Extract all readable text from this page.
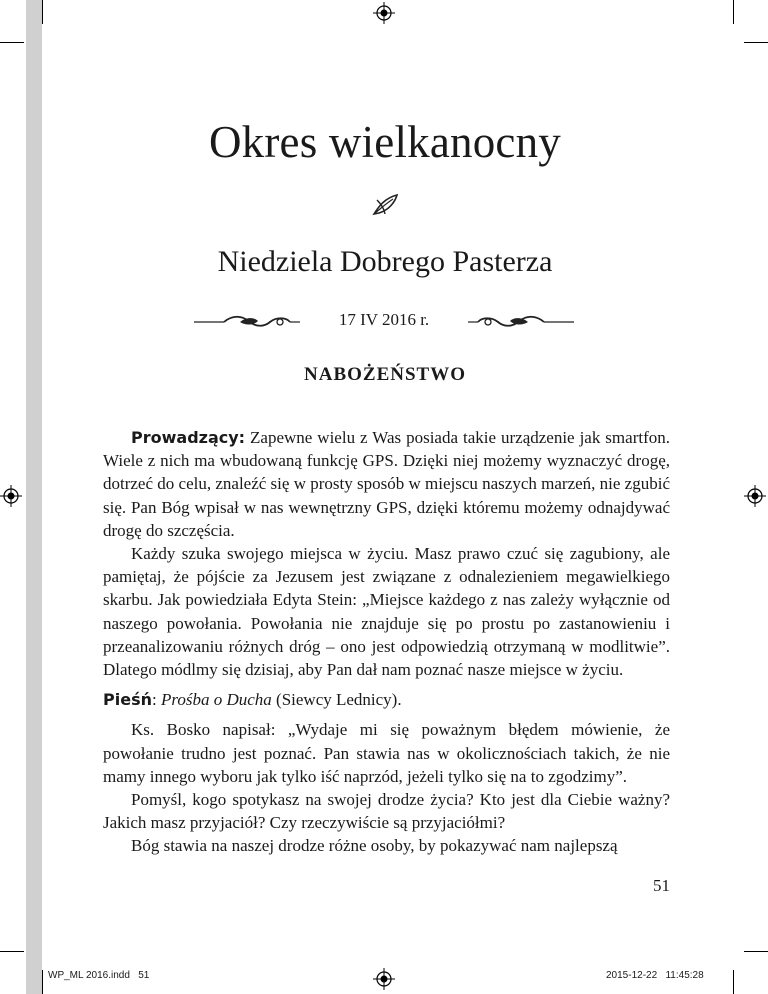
Okres wielkanocny
Niedziela Dobrego Pasterza
17 IV 2016 r.
NABOŻEŃSTWO

Prowadzący: Zapewne wielu z Was posiada takie urządzenie jak smartfon. Wiele z nich ma wbudowaną funkcję GPS. Dzięki niej możemy wyznaczyć drogę, dotrzeć do celu, znaleźć się w prosty sposób w miejscu naszych marzeń, nie zgubić się. Pan Bóg wpisał w nas wewnętrzny GPS, dzięki któremu możemy odnajdywać drogę do szczęścia.

Każdy szuka swojego miejsca w życiu. Masz prawo czuć się zagubiony, ale pamiętaj, że pójście za Jezusem jest związane z odnalezieniem megawielkiego skarbu. Jak powiedziała Edyta Stein: „Miejsce każdego z nas zależy wyłącznie od naszego powołania. Powołania nie znajduje się po prostu po zastanowieniu i przeanalizowaniu różnych dróg – ono jest odpowiedzią otrzymaną w modlitwie”. Dlatego módlmy się dzisiaj, aby Pan dał nam poznać nasze miejsce w życiu.

Pieśń: Prośba o Ducha (Siewcy Lednicy).

Ks. Bosko napisał: „Wydaje mi się poważnym błędem mówienie, że powołanie trudno jest poznać. Pan stawia nas w okolicznościach takich, że nie mamy innego wyboru jak tylko iść naprzód, jeżeli tylko się na to zgodzimy”.

Pomyśl, kogo spotykasz na swojej drodze życia? Kto jest dla Ciebie ważny? Jakich masz przyjaciół? Czy rzeczywiście są przyjaciółmi?

Bóg stawia na naszej drodze różne osoby, by pokazywać nam najlepszą

51
WP_ML 2016.indd   51	2015-12-22   11:45:28
